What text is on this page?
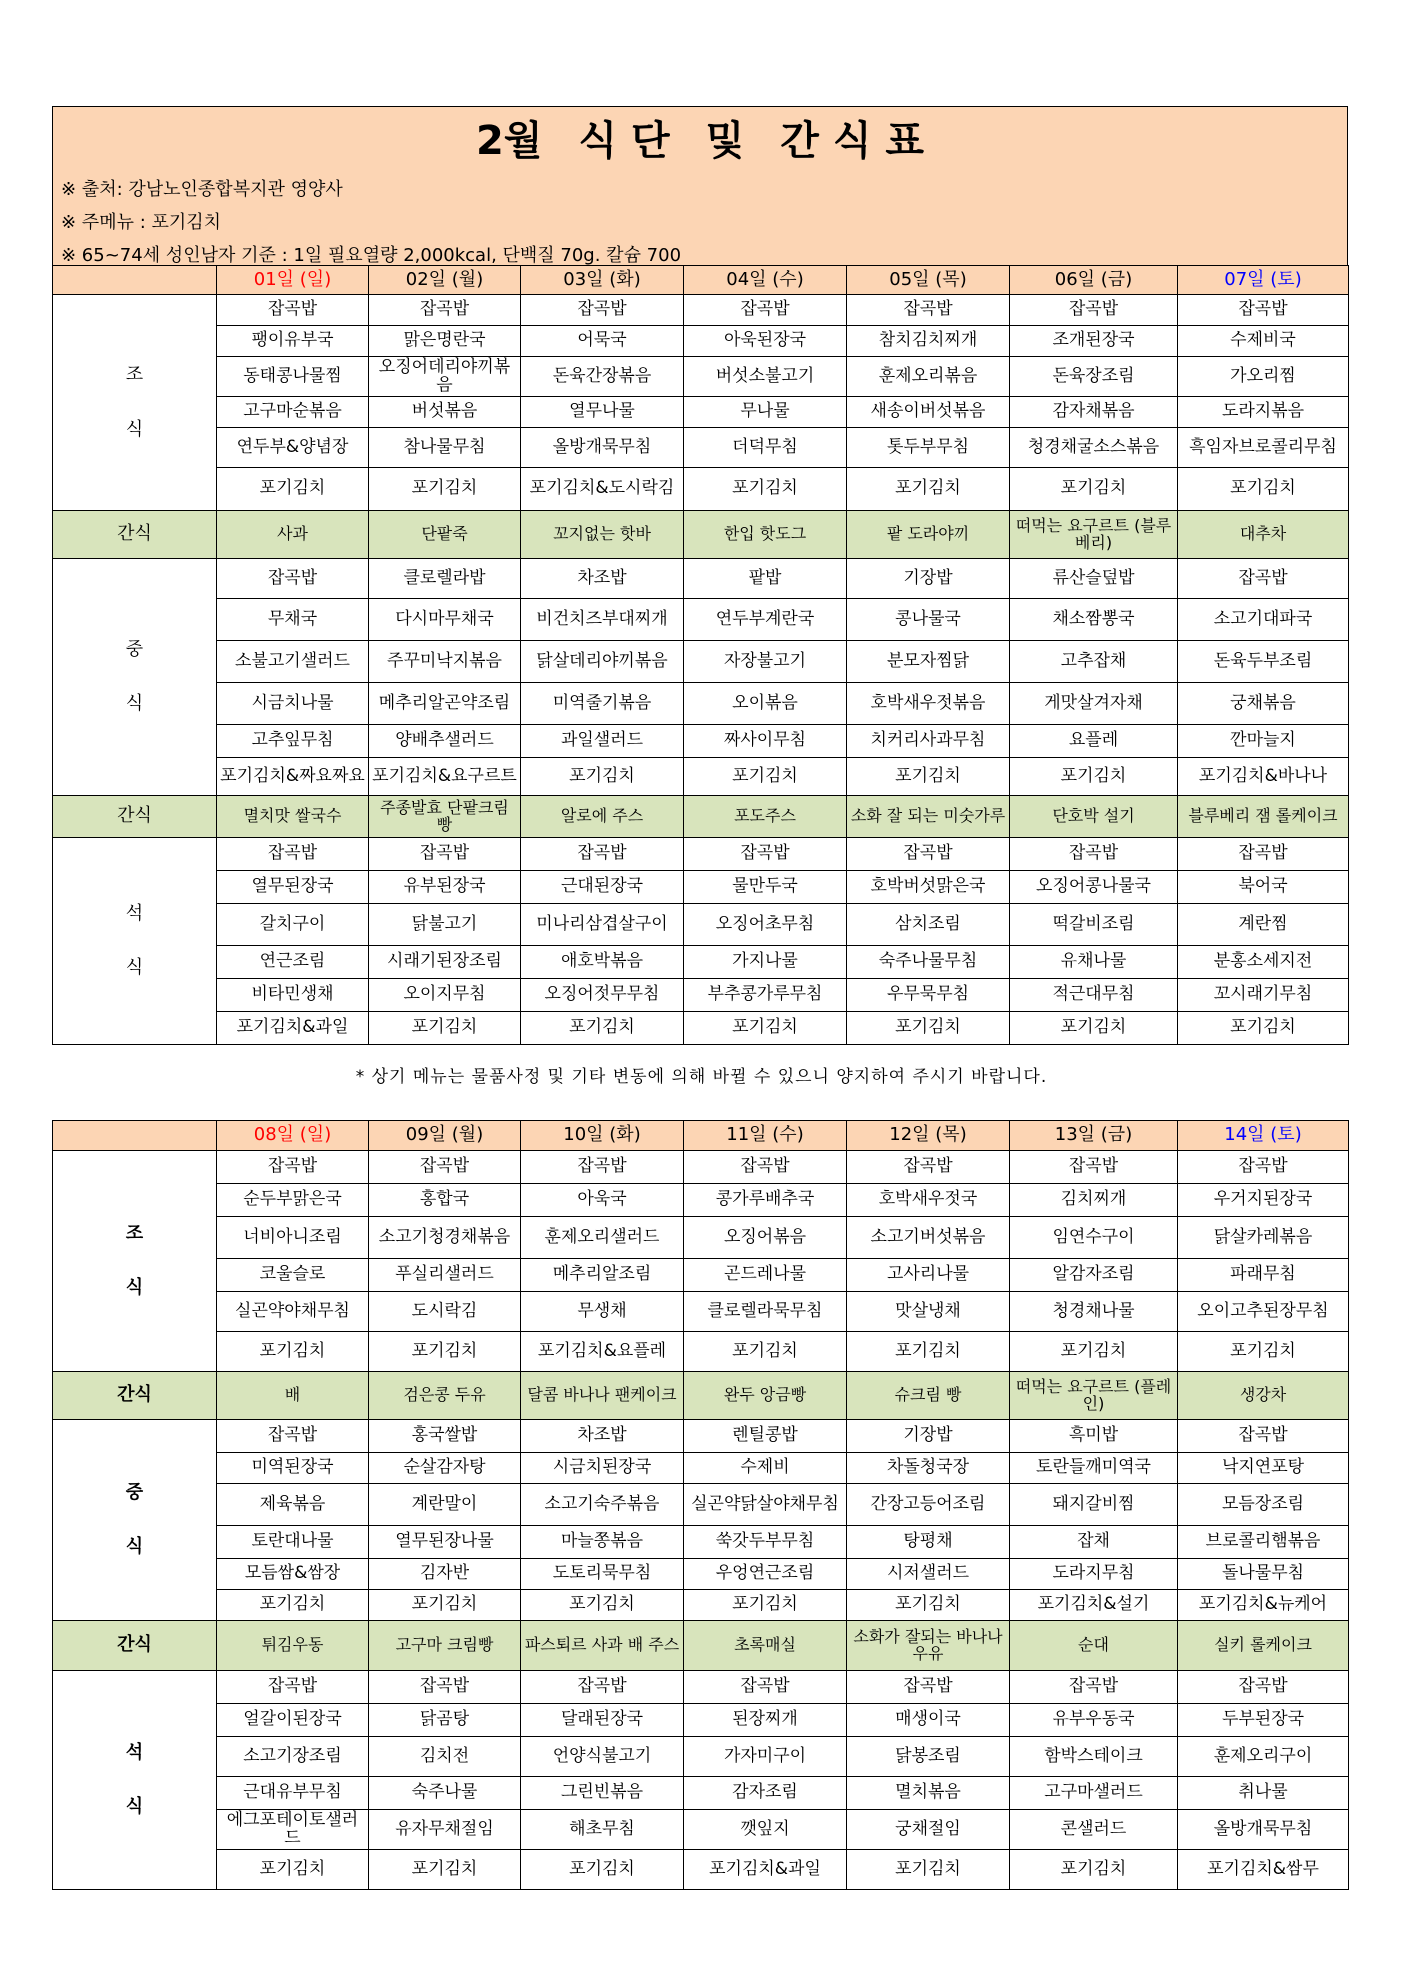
2월 식 단 및 간 식 표
※ 출처: 강남노인종합복지관 영양사
※ 주메뉴 : 포기김치
※ 65~74세 성인남자 기준 : 1일 필요열량 2,000kcal, 단백질 70g. 칼슘 700
	01일 (일)	02일 (월)	03일 (화)	04일 (수)	05일 (목)	06일 (금)	07일 (토)

조
식	잡곡밥	잡곡밥	잡곡밥	잡곡밥	잡곡밥	잡곡밥	잡곡밥
	팽이유부국	맑은명란국	어묵국	아욱된장국	참치김치찌개	조개된장국	수제비국
	동태콩나물찜	오징어데리야끼볶음	돈육간장볶음	버섯소불고기	훈제오리볶음	돈육장조림	가오리찜
	고구마순볶음	버섯볶음	열무나물	무나물	새송이버섯볶음	감자채볶음	도라지볶음
	연두부&양념장	참나물무침	올방개묵무침	더덕무침	톳두부무침	청경채굴소스볶음	흑임자브로콜리무침
	포기김치	포기김치	포기김치&도시락김	포기김치	포기김치	포기김치	포기김치
간식	사과	단팥죽	꼬지없는 핫바	한입 핫도그	팥 도라야끼	떠먹는 요구르트 (블루베리)	대추차

중
식	잡곡밥	클로렐라밥	차조밥	팥밥	기장밥	류산슬덮밥	잡곡밥
	무채국	다시마무채국	비건치즈부대찌개	연두부계란국	콩나물국	채소짬뽕국	소고기대파국
	소불고기샐러드	주꾸미낙지볶음	닭살데리야끼볶음	자장불고기	분모자찜닭	고추잡채	돈육두부조림
	시금치나물	메추리알곤약조림	미역줄기볶음	오이볶음	호박새우젓볶음	게맛살겨자채	궁채볶음
	고추잎무침	양배추샐러드	과일샐러드	짜사이무침	치커리사과무침	요플레	깐마늘지
	포기김치&짜요짜요	포기김치&요구르트	포기김치	포기김치	포기김치	포기김치	포기김치&바나나
간식	멸치맛 쌀국수	주종발효 단팥크림 빵	알로에 주스	포도주스	소화 잘 되는 미숫가루	단호박 설기	블루베리 잼 롤케이크

석
식	잡곡밥	잡곡밥	잡곡밥	잡곡밥	잡곡밥	잡곡밥	잡곡밥
	열무된장국	유부된장국	근대된장국	물만두국	호박버섯맑은국	오징어콩나물국	북어국
	갈치구이	닭불고기	미나리삼겹살구이	오징어초무침	삼치조림	떡갈비조림	계란찜
	연근조림	시래기된장조림	애호박볶음	가지나물	숙주나물무침	유채나물	분홍소세지전
	비타민생채	오이지무침	오징어젓무무침	부추콩가루무침	우무묵무침	적근대무침	꼬시래기무침
	포기김치&과일	포기김치	포기김치	포기김치	포기김치	포기김치	포기김치
* 상기 메뉴는 물품사정 및 기타 변동에 의해 바뀔 수 있으니 양지하여 주시기 바랍니다.
	08일 (일)	09일 (월)	10일 (화)	11일 (수)	12일 (목)	13일 (금)	14일 (토)

조
식	잡곡밥	잡곡밥	잡곡밥	잡곡밥	잡곡밥	잡곡밥	잡곡밥
	순두부맑은국	홍합국	아욱국	콩가루배추국	호박새우젓국	김치찌개	우거지된장국
	너비아니조림	소고기청경채볶음	훈제오리샐러드	오징어볶음	소고기버섯볶음	임연수구이	닭살카레볶음
	코울슬로	푸실리샐러드	메추리알조림	곤드레나물	고사리나물	알감자조림	파래무침
	실곤약야채무침	도시락김	무생채	클로렐라묵무침	맛살냉채	청경채나물	오이고추된장무침
	포기김치	포기김치	포기김치&요플레	포기김치	포기김치	포기김치	포기김치
간식	배	검은콩 두유	달콤 바나나 팬케이크	완두 앙금빵	슈크림 빵	떠먹는 요구르트 (플레인)	생강차

중
식	잡곡밥	홍국쌀밥	차조밥	렌틸콩밥	기장밥	흑미밥	잡곡밥
	미역된장국	순살감자탕	시금치된장국	수제비	차돌청국장	토란들깨미역국	낙지연포탕
	제육볶음	계란말이	소고기숙주볶음	실곤약닭살야채무침	간장고등어조림	돼지갈비찜	모듬장조림
	토란대나물	열무된장나물	마늘쫑볶음	쑥갓두부무침	탕평채	잡채	브로콜리햄볶음
	모듬쌈&쌈장	김자반	도토리묵무침	우엉연근조림	시저샐러드	도라지무침	돌나물무침
	포기김치	포기김치	포기김치	포기김치	포기김치	포기김치&설기	포기김치&뉴케어
간식	튀김우동	고구마 크림빵	파스퇴르 사과 배 주스	초록매실	소화가 잘되는 바나나우유	순대	실키 롤케이크

석
식	잡곡밥	잡곡밥	잡곡밥	잡곡밥	잡곡밥	잡곡밥	잡곡밥
	얼갈이된장국	닭곰탕	달래된장국	된장찌개	매생이국	유부우동국	두부된장국
	소고기장조림	김치전	언양식불고기	가자미구이	닭봉조림	함박스테이크	훈제오리구이
	근대유부무침	숙주나물	그린빈볶음	감자조림	멸치볶음	고구마샐러드	취나물
	에그포테이토샐러드	유자무채절임	해초무침	깻잎지	궁채절임	콘샐러드	올방개묵무침
	포기김치	포기김치	포기김치	포기김치&과일	포기김치	포기김치	포기김치&쌈무
